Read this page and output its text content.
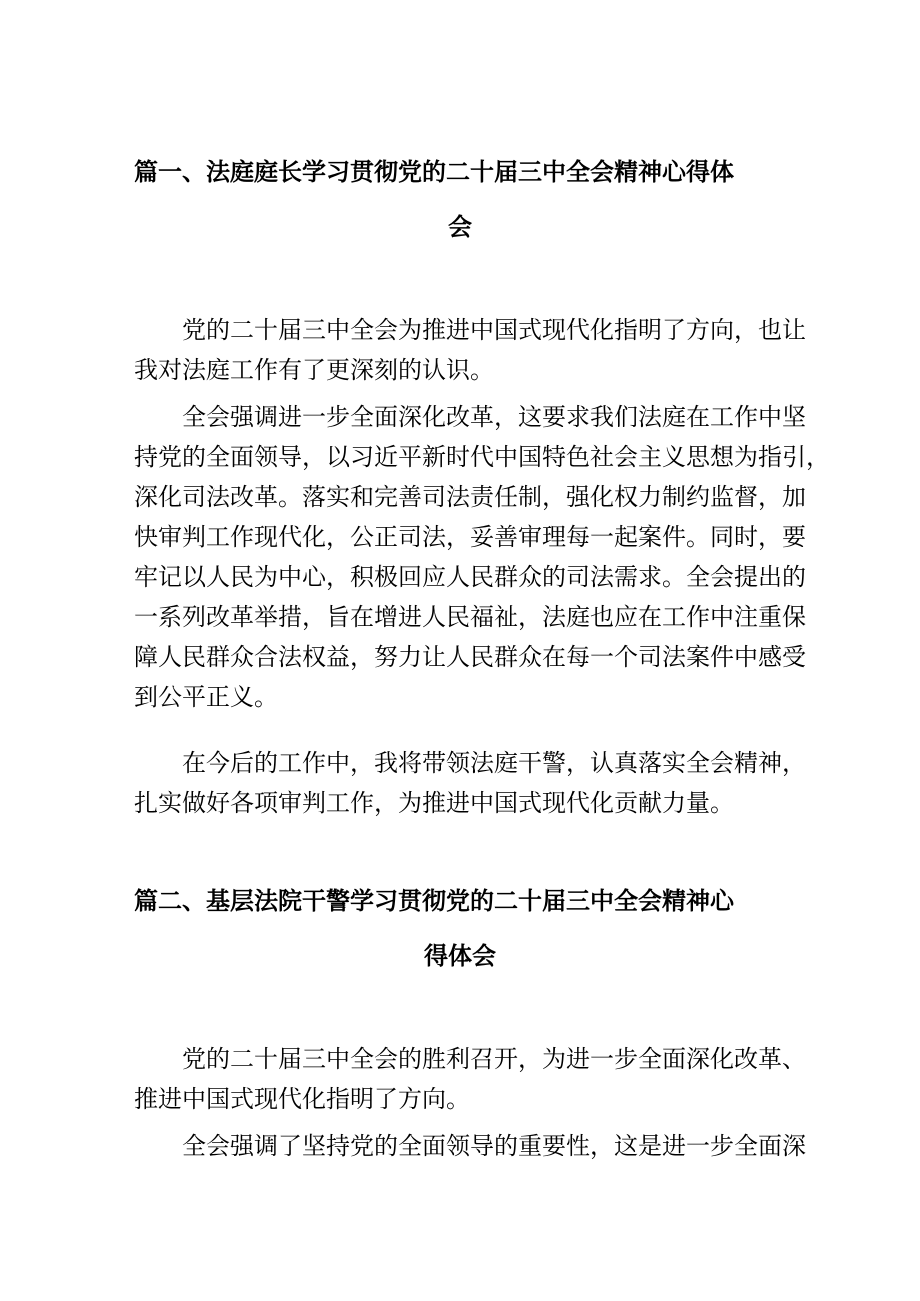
篇一、法庭庭长学习贯彻党的二十届三中全会精神心得体
会
党的二十届三中全会为推进中国式现代化指明了方向，也让
我对法庭工作有了更深刻的认识。
全会强调进一步全面深化改革，这要求我们法庭在工作中坚
持党的全面领导，以习近平新时代中国特色社会主义思想为指引，
深化司法改革。落实和完善司法责任制，强化权力制约监督，加
快审判工作现代化，公正司法，妥善审理每一起案件。同时，要
牢记以人民为中心，积极回应人民群众的司法需求。全会提出的
一系列改革举措，旨在增进人民福祉，法庭也应在工作中注重保
障人民群众合法权益，努力让人民群众在每一个司法案件中感受
到公平正义。
在今后的工作中，我将带领法庭干警，认真落实全会精神，
扎实做好各项审判工作，为推进中国式现代化贡献力量。
篇二、基层法院干警学习贯彻党的二十届三中全会精神心
得体会
党的二十届三中全会的胜利召开，为进一步全面深化改革、
推进中国式现代化指明了方向。
全会强调了坚持党的全面领导的重要性，这是进一步全面深
